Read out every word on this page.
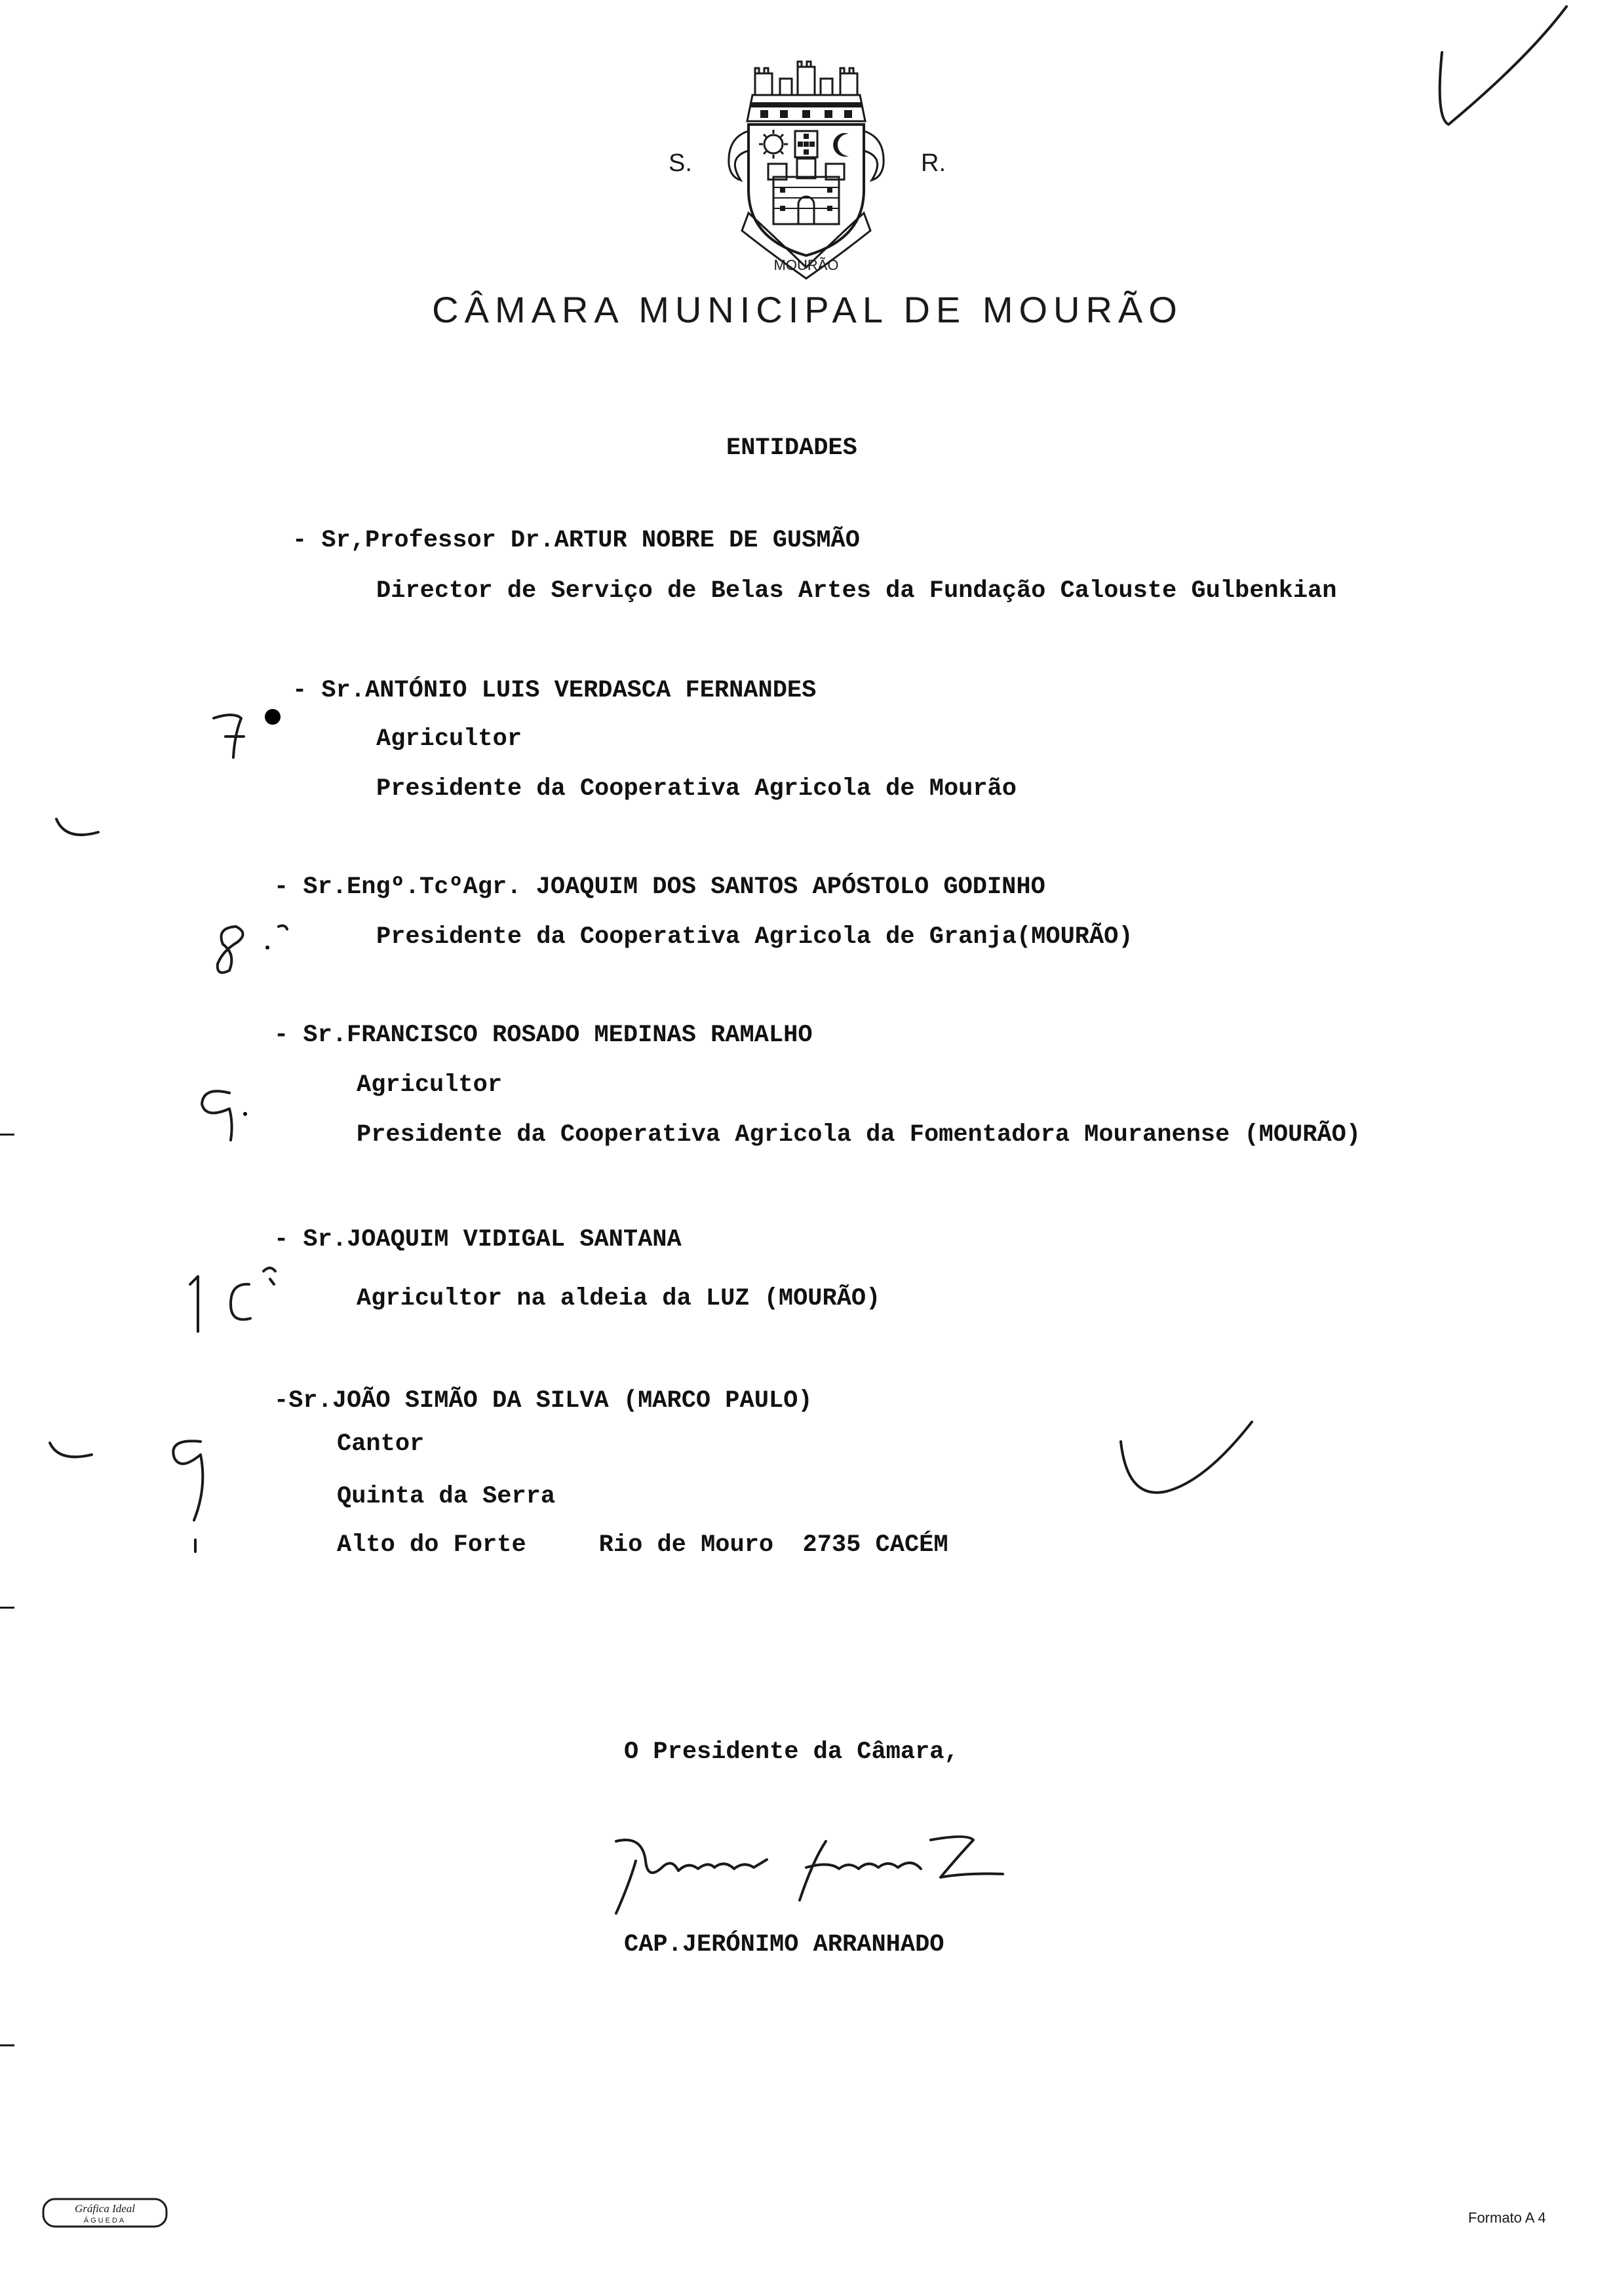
S.
MOURÃO
R.
CÂMARA MUNICIPAL DE MOURÃO
ENTIDADES
- Sr,Professor Dr.ARTUR NOBRE DE GUSMÃO
Director de Serviço de Belas Artes da Fundação Calouste Gulbenkian
- Sr.ANTÓNIO LUIS VERDASCA FERNANDES
Agricultor
Presidente da Cooperativa Agricola de Mourão
- Sr.Engº.TcºAgr. JOAQUIM DOS SANTOS APÓSTOLO GODINHO
Presidente da Cooperativa Agricola de Granja(MOURÃO)
- Sr.FRANCISCO ROSADO MEDINAS RAMALHO
Agricultor
Presidente da Cooperativa Agricola da Fomentadora Mouranense (MOURÃO)
- Sr.JOAQUIM VIDIGAL SANTANA
Agricultor na aldeia da LUZ (MOURÃO)
-Sr.JOÃO SIMÃO DA SILVA (MARCO PAULO)
Cantor
Quinta da Serra
Alto do Forte     Rio de Mouro  2735 CACÉM
O Presidente da Câmara,
CAP.JERÓNIMO ARRANHADO
Gráfica Ideal
ÁGUEDA	Formato A 4
